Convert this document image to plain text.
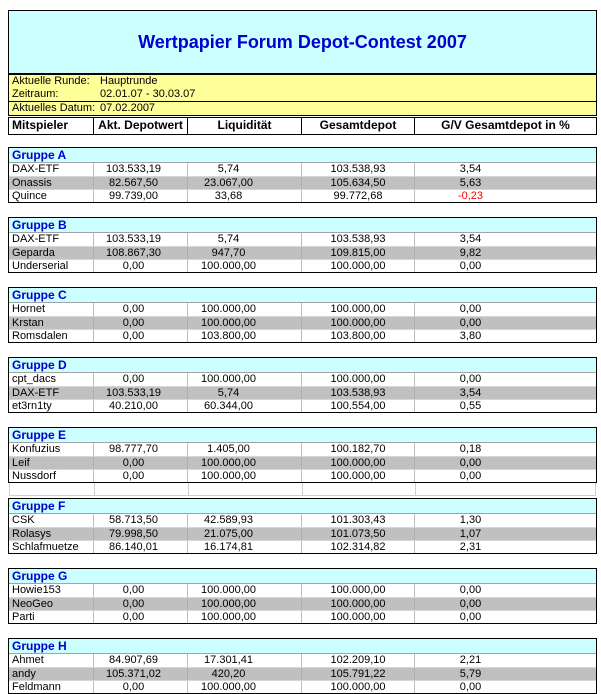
Wertpapier Forum Depot-Contest 2007
Aktuelle Runde: Hauptrunde
Zeitraum:	02.01.07 - 30.03.07
Aktuelles Datum: 07.02.2007
Mitspieler	Akt. Depotwert	Liquidität	Gesamtdepot	G/V Gesamtdepot in %
Gruppe A
DAX-ETF	103.533,19	5,74	103.538,93	3,54
Onassis	82.567,50	23.067,00	105.634,50	5,63
Quince	99.739,00	33,68	99.772,68	-0,23
Gruppe B
DAX-ETF	103.533,19	5,74	103.538,93	3,54
Geparda	108.867,30	947,70	109.815,00	9,82
Underserial	0,00	100.000,00	100.000,00	0,00
Gruppe C
Hornet	0,00	100.000,00	100.000,00	0,00
Krstan	0,00	100.000,00	100.000,00	0,00
Romsdalen	0,00	103.800,00	103.800,00	3,80
Gruppe D
cpt_dacs	0,00	100.000,00	100.000,00	0,00
DAX-ETF	103.533,19	5,74	103.538,93	3,54
et3rn1ty	40.210,00	60.344,00	100.554,00	0,55
Gruppe E
Konfuzius	98.777,70	1.405,00	100.182,70	0,18
Leif	0,00	100.000,00	100.000,00	0,00
Nussdorf	0,00	100.000,00	100.000,00	0,00
Gruppe F
CSK	58.713,50	42.589,93	101.303,43	1,30
Rolasys	79.998,50	21.075,00	101.073,50	1,07
Schlafmuetze	86.140,01	16.174,81	102.314,82	2,31
Gruppe G
Howie153	0,00	100.000,00	100.000,00	0,00
NeoGeo	0,00	100.000,00	100.000,00	0,00
Parti	0,00	100.000,00	100.000,00	0,00
Gruppe H
Ahmet	84.907,69	17.301,41	102.209,10	2,21
andy	105.371,02	420,20	105.791,22	5,79
Feldmann	0,00	100.000,00	100.000,00	0,00
